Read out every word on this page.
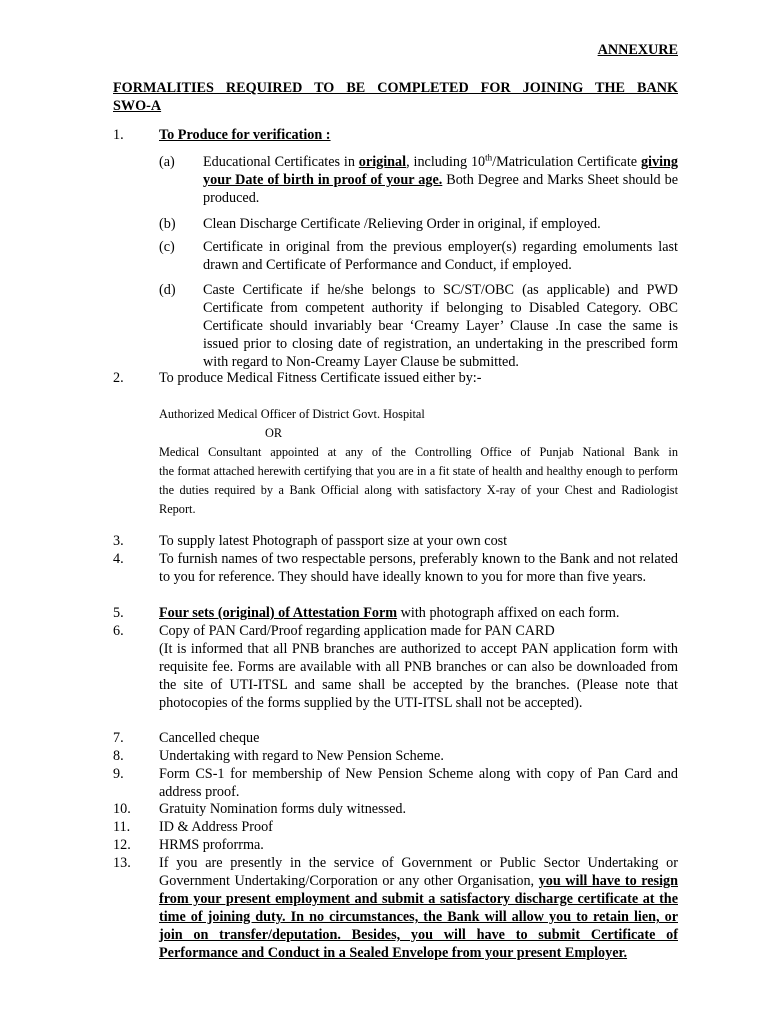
ANNEXURE
FORMALITIES REQUIRED TO BE COMPLETED FOR JOINING THE BANK
SWO-A
1. To Produce for verification :
(a) Educational Certificates in original, including 10th/Matriculation Certificate giving your Date of birth in proof of your age. Both Degree and Marks Sheet should be produced.
(b) Clean Discharge Certificate /Relieving Order in original, if employed.
(c) Certificate in original from the previous employer(s) regarding emoluments last drawn and Certificate of Performance and Conduct, if employed.
(d) Caste Certificate if he/she belongs to SC/ST/OBC (as applicable) and PWD Certificate from competent authority if belonging to Disabled Category. OBC Certificate should invariably bear ‘Creamy Layer’ Clause .In case the same is issued prior to closing date of registration, an undertaking in the prescribed form with regard to Non-Creamy Layer Clause be submitted.
2. To produce Medical Fitness Certificate issued either by:-
Authorized Medical Officer of District Govt. Hospital
OR
Medical Consultant appointed at any of the Controlling Office of Punjab National Bank in
the format attached herewith certifying that you are in a fit state of health and healthy enough to perform the duties required by a Bank Official along with satisfactory X-ray of your Chest and Radiologist Report.
3. To supply latest Photograph of passport size at your own cost
4. To furnish names of two respectable persons, preferably known to the Bank and not related to you for reference. They should have ideally known to you for more than five years.
5. Four sets (original) of Attestation Form with photograph affixed on each form.
6. Copy of PAN Card/Proof regarding application made for PAN CARD
(It is informed that all PNB branches are authorized to accept PAN application form with requisite fee. Forms are available with all PNB branches or can also be downloaded from the site of UTI-ITSL and same shall be accepted by the branches. (Please note that photocopies of the forms supplied by the UTI-ITSL shall not be accepted).
7. Cancelled cheque
8. Undertaking with regard to New Pension Scheme.
9. Form CS-1 for membership of New Pension Scheme along with copy of Pan Card and address proof.
10. Gratuity Nomination forms duly witnessed.
11. ID & Address Proof
12. HRMS proforrma.
13. If you are presently in the service of Government or Public Sector Undertaking or Government Undertaking/Corporation or any other Organisation, you will have to resign from your present employment and submit a satisfactory discharge certificate at the time of joining duty. In no circumstances, the Bank will allow you to retain lien, or join on transfer/deputation. Besides, you will have to submit Certificate of Performance and Conduct in a Sealed Envelope from your present Employer.
